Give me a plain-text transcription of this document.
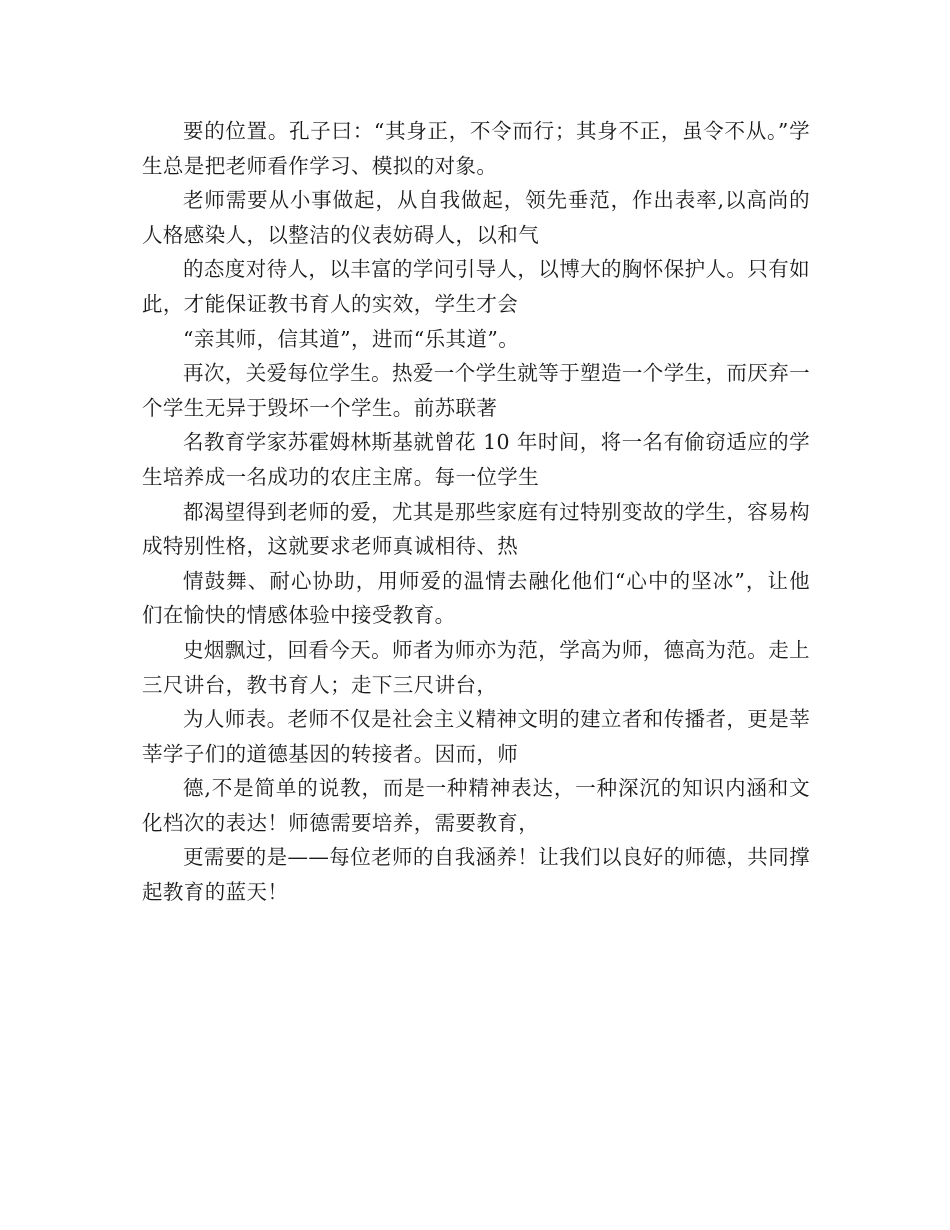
要的位置。孔子曰：“其身正，不令而行；其身不正，虽令不从。”学生总是把老师看作学习、模拟的对象。

老师需要从小事做起，从自我做起，领先垂范，作出表率,以高尚的人格感染人，以整洁的仪表妨碍人，以和气

的态度对待人，以丰富的学问引导人，以博大的胸怀保护人。只有如此，才能保证教书育人的实效，学生才会

“亲其师，信其道”，进而“乐其道”。

再次，关爱每位学生。热爱一个学生就等于塑造一个学生，而厌弃一个学生无异于毁坏一个学生。前苏联著

名教育学家苏霍姆林斯基就曾花 10 年时间，将一名有偷窃适应的学生培养成一名成功的农庄主席。每一位学生

都渴望得到老师的爱，尤其是那些家庭有过特别变故的学生，容易构成特别性格，这就要求老师真诚相待、热

情鼓舞、耐心协助，用师爱的温情去融化他们“心中的坚冰”，让他们在愉快的情感体验中接受教育。

史烟飘过，回看今天。师者为师亦为范，学高为师，德高为范。走上三尺讲台，教书育人；走下三尺讲台，

为人师表。老师不仅是社会主义精神文明的建立者和传播者，更是莘莘学子们的道德基因的转接者。因而，师

德,不是简单的说教，而是一种精神表达，一种深沉的知识内涵和文化档次的表达！师德需要培养，需要教育，

更需要的是——每位老师的自我涵养！让我们以良好的师德，共同撑起教育的蓝天！
